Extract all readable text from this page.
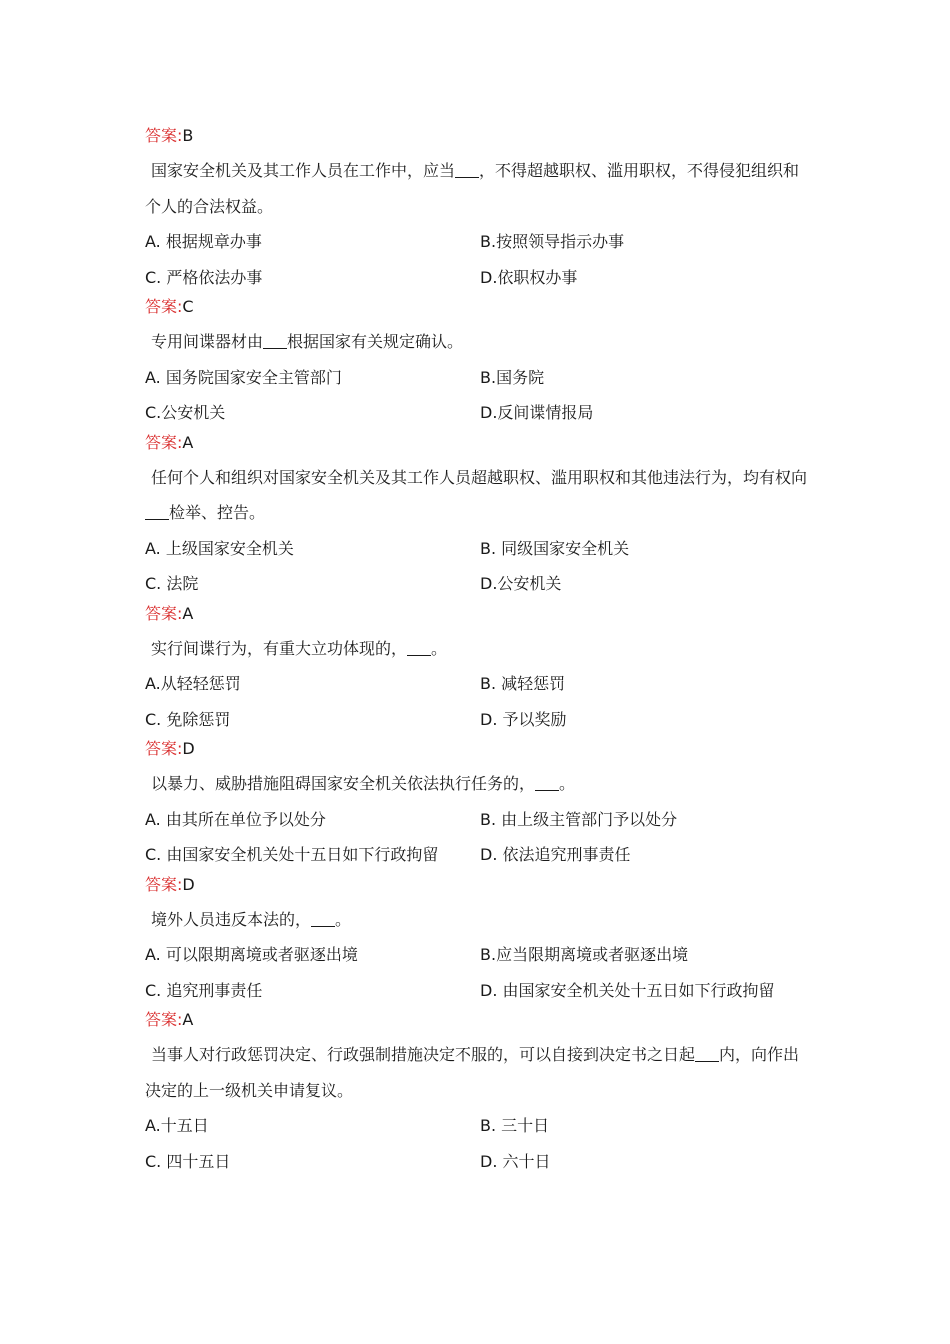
答案:B

国家安全机关及其工作人员在工作中，应当 ，不得超越职权、滥用职权，不得侵犯组织和个人的合法权益。

A. 根据规章办事	B.按照领导指示办事
C. 严格依法办事	D.依职权办事
答案:C

专用间谍器材由 根据国家有关规定确认。

A. 国务院国家安全主管部门	B.国务院
C.公安机关	D.反间谍情报局
答案:A

任何个人和组织对国家安全机关及其工作人员超越职权、滥用职权和其他违法行为，均有权向检举、控告。

A. 上级国家安全机关	B. 同级国家安全机关
C. 法院	D.公安机关
答案:A

实行间谍行为，有重大立功体现的， 。

A.从轻轻惩罚	B. 减轻惩罚
C. 免除惩罚	D. 予以奖励
答案:D

以暴力、威胁措施阻碍国家安全机关依法执行任务的， 。

A. 由其所在单位予以处分	B. 由上级主管部门予以处分
C. 由国家安全机关处十五日如下行政拘留	D. 依法追究刑事责任
答案:D

境外人员违反本法的， 。

A. 可以限期离境或者驱逐出境	B.应当限期离境或者驱逐出境
C. 追究刑事责任	D. 由国家安全机关处十五日如下行政拘留
答案:A

当事人对行政惩罚决定、行政强制措施决定不服的，可以自接到决定书之日起 内，向作出决定的上一级机关申请复议。

A.十五日	B. 三十日
C. 四十五日	D. 六十日
